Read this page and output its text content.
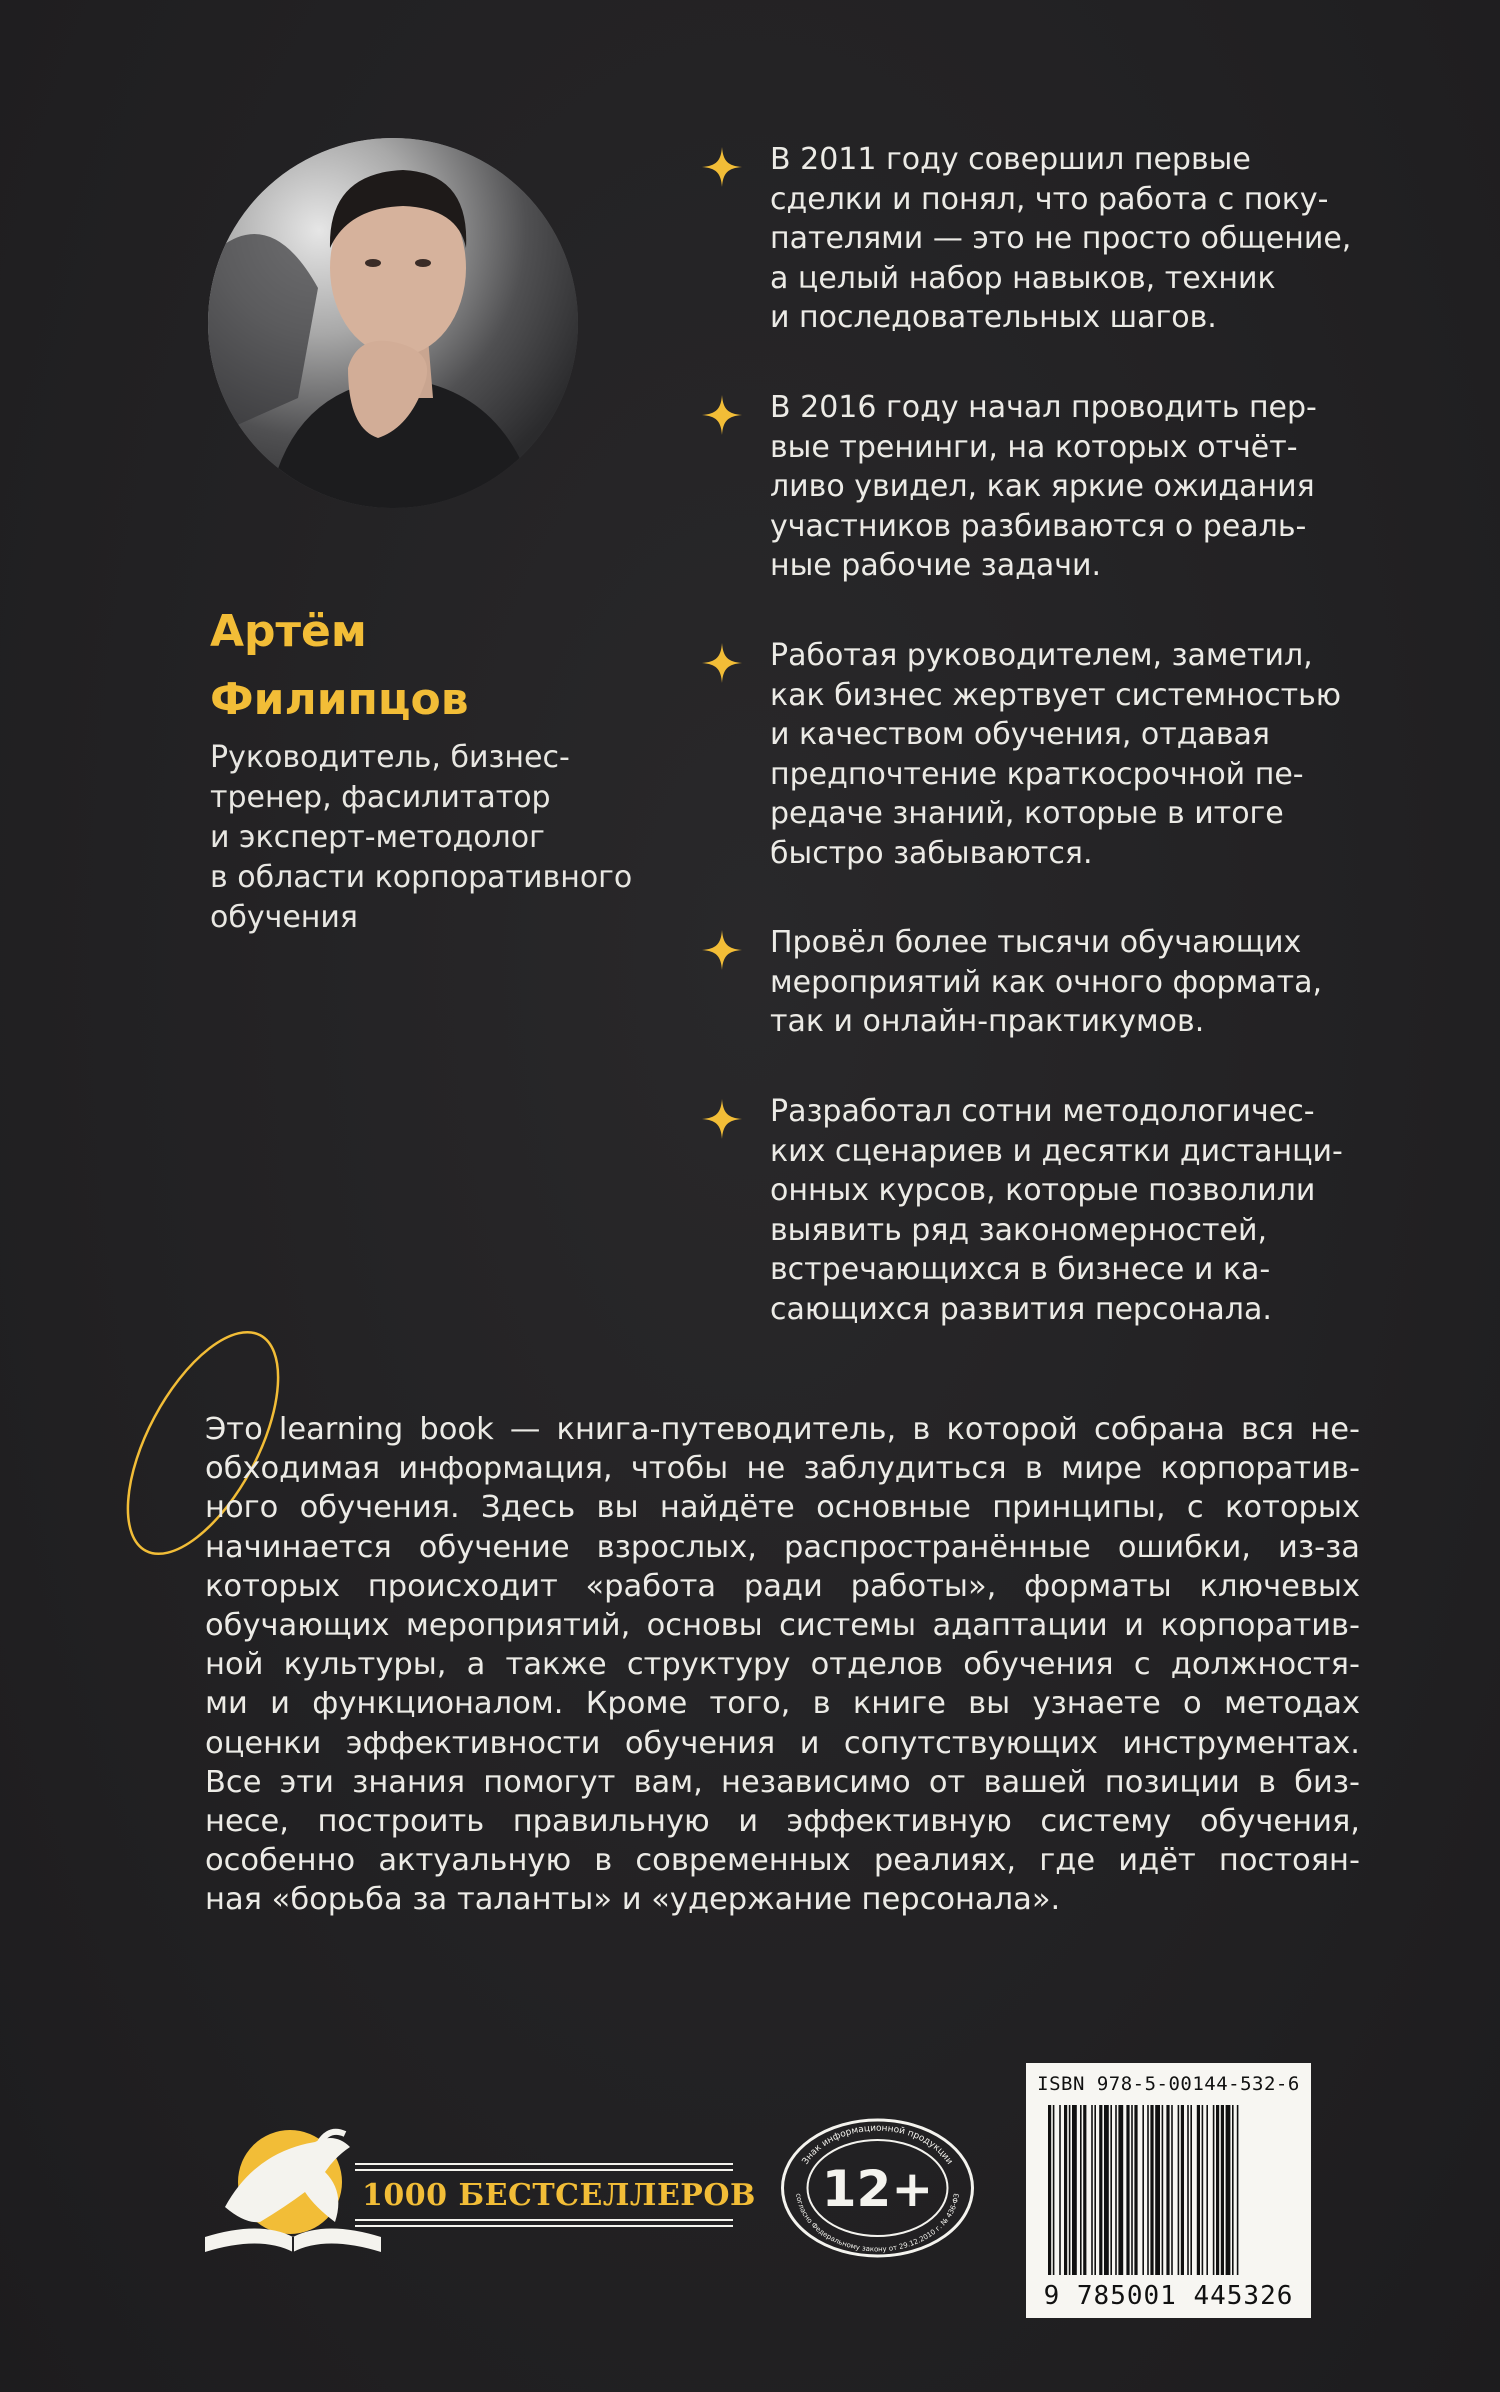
Артём
Филипцов
Руководитель, бизнес-
тренер, фасилитатор
и эксперт-методолог
в области корпоративного
обучения
В 2011 году совершил первые
сделки и понял, что работа с поку-
пателями — это не просто общение,
а целый набор навыков, техник
и последовательных шагов.
В 2016 году начал проводить пер-
вые тренинги, на которых отчёт-
ливо увидел, как яркие ожидания
участников разбиваются о реаль-
ные рабочие задачи.
Работая руководителем, заметил,
как бизнес жертвует системностью
и качеством обучения, отдавая
предпочтение краткосрочной пе-
редаче знаний, которые в итоге
быстро забываются.
Провёл более тысячи обучающих
мероприятий как очного формата,
так и онлайн-практикумов.
Разработал сотни методологичес-
ких сценариев и десятки дистанци-
онных курсов, которые позволили
выявить ряд закономерностей,
встречающихся в бизнесе и ка-
сающихся развития персонала.
Это learning book — книга-путеводитель, в которой собрана вся не-
обходимая информация, чтобы не заблудиться в мире корпоратив-
ного обучения. Здесь вы найдёте основные принципы, с которых
начинается обучение взрослых, распространённые ошибки, из-за
которых происходит «работа ради работы», форматы ключевых
обучающих мероприятий, основы системы адаптации и корпоратив-
ной культуры, а также структуру отделов обучения с должностя-
ми и функционалом. Кроме того, в книге вы узнаете о методах
оценки эффективности обучения и сопутствующих инструментах.
Все эти знания помогут вам, независимо от вашей позиции в биз-
несе, построить правильную и эффективную систему обучения,
особенно актуальную в современных реалиях, где идёт постоян-
ная «борьба за таланты» и «удержание персонала».
1000 БЕСТСЕЛЛЕРОВ
Знак информационной продукции
согласно Федеральному закону от 29.12.2010 г. № 436-ФЗ
12+
ISBN 978-5-00144-532-6
9 785001 445326
